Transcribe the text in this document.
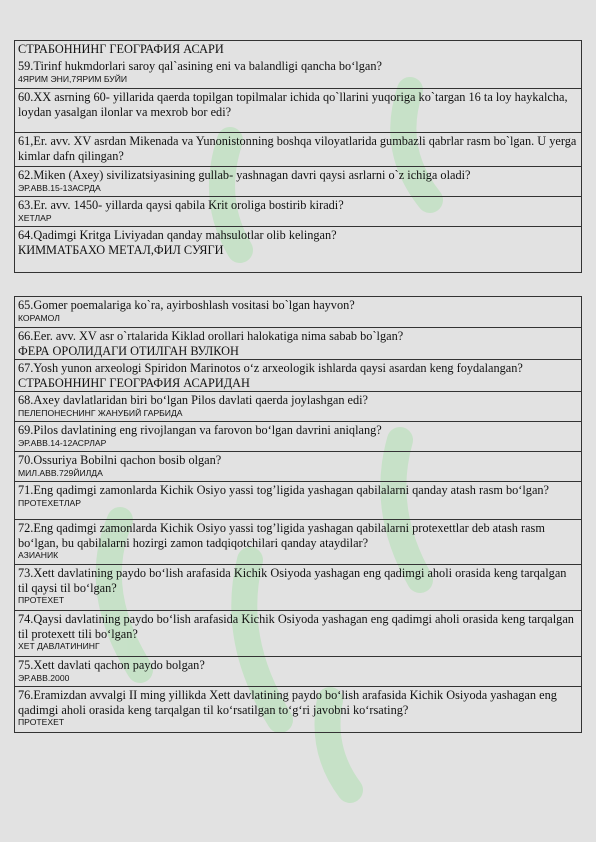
СТРАБОННИНГ ГЕОГРАФИЯ АСАРИ
59.Tirinf hukmdorlari saroy qal`asining eni va balandligi qancha bo‘lgan?
4ЯРИМ ЭНИ,7ЯРИМ БУЙИ
60.XX asrning 60- yillarida qaerda topilgan topilmalar ichida qo`llarini yuqoriga ko`targan 16 ta loy haykalcha, loydan yasalgan ilonlar va mexrob bor edi?
61,Er. avv. XV asrdan Mikenada va Yunonistonning boshqa viloyatlarida gumbazli qabrlar rasm bo`lgan. U yerga kimlar dafn qilingan?
62.Miken (Axey) sivilizatsiyasining gullab- yashnagan davri qaysi asrlarni o`z ichiga oladi?
ЭР.АВВ.15-13АСРДА
63.Er. avv. 1450- yillarda qaysi qabila Krit oroliga bostirib kiradi?
ХЕТЛАР
64.Qadimgi Kritga Liviyadan qanday mahsulotlar olib kelingan?
КИММАТБАХО МЕТАЛ,ФИЛ СУЯГИ
65.Gomer poemalariga ko`ra, ayirboshlash vositasi bo`lgan hayvon?
КОРАМОЛ
66.Eer. avv. XV asr o`rtalarida Kiklad orollari halokatiga nima sabab bo`lgan?
ФЕРА ОРОЛИДАГИ ОТИЛГАН ВУЛКОН
67.Yosh yunon arxeologi Spiridon Marinotos o‘z arxeologik ishlarda qaysi asardan keng foydalangan?
СТРАБОННИНГ ГЕОГРАФИЯ АСАРИДАН
68.Axey davlatlaridan biri bo‘lgan Pilos davlati qaerda joylashgan edi?
ПЕЛЕПОНЕСНИНГ ЖАНУБИЙ ГАРБИДА
69.Pilos davlatining eng rivojlangan va farovon bo‘lgan davrini aniqlang?
ЭР.АВВ.14-12АСРЛАР
70.Ossuriya Bobilni qachon bosib olgan?
МИЛ.АВВ.729ЙИЛДА
71.Eng qadimgi zamonlarda Kichik Osiyo yassi tog’ligida yashagan qabilalarni qanday atash rasm bo‘lgan?
ПРОТЕХЕТЛАР
72.Eng qadimgi zamonlarda Kichik Osiyo yassi tog’ligida yashagan qabilalarni protexettlar deb atash rasm bo‘lgan, bu qabilalarni hozirgi zamon tadqiqotchilari qanday ataydilar?
АЗИАНИК
73.Xett davlatining paydo bo‘lish arafasida Kichik Osiyoda yashagan eng qadimgi aholi orasida keng tarqalgan til qaysi til bo‘lgan?
ПРОТЕХЕТ
74.Qaysi davlatining paydo bo‘lish arafasida Kichik Osiyoda yashagan eng qadimgi aholi orasida keng tarqalgan til protexett tili bo‘lgan?
ХЕТ ДАВЛАТИНИНГ
75.Xett davlati qachon paydo bolgan?
ЭР.АВВ.2000
76.Eramizdan avvalgi II ming yillikda Xett davlatining paydo bo‘lish arafasida Kichik Osiyoda yashagan eng qadimgi aholi orasida keng tarqalgan til ko‘rsatilgan to‘g‘ri javobni ko‘rsating?
ПРОТЕХЕТ
